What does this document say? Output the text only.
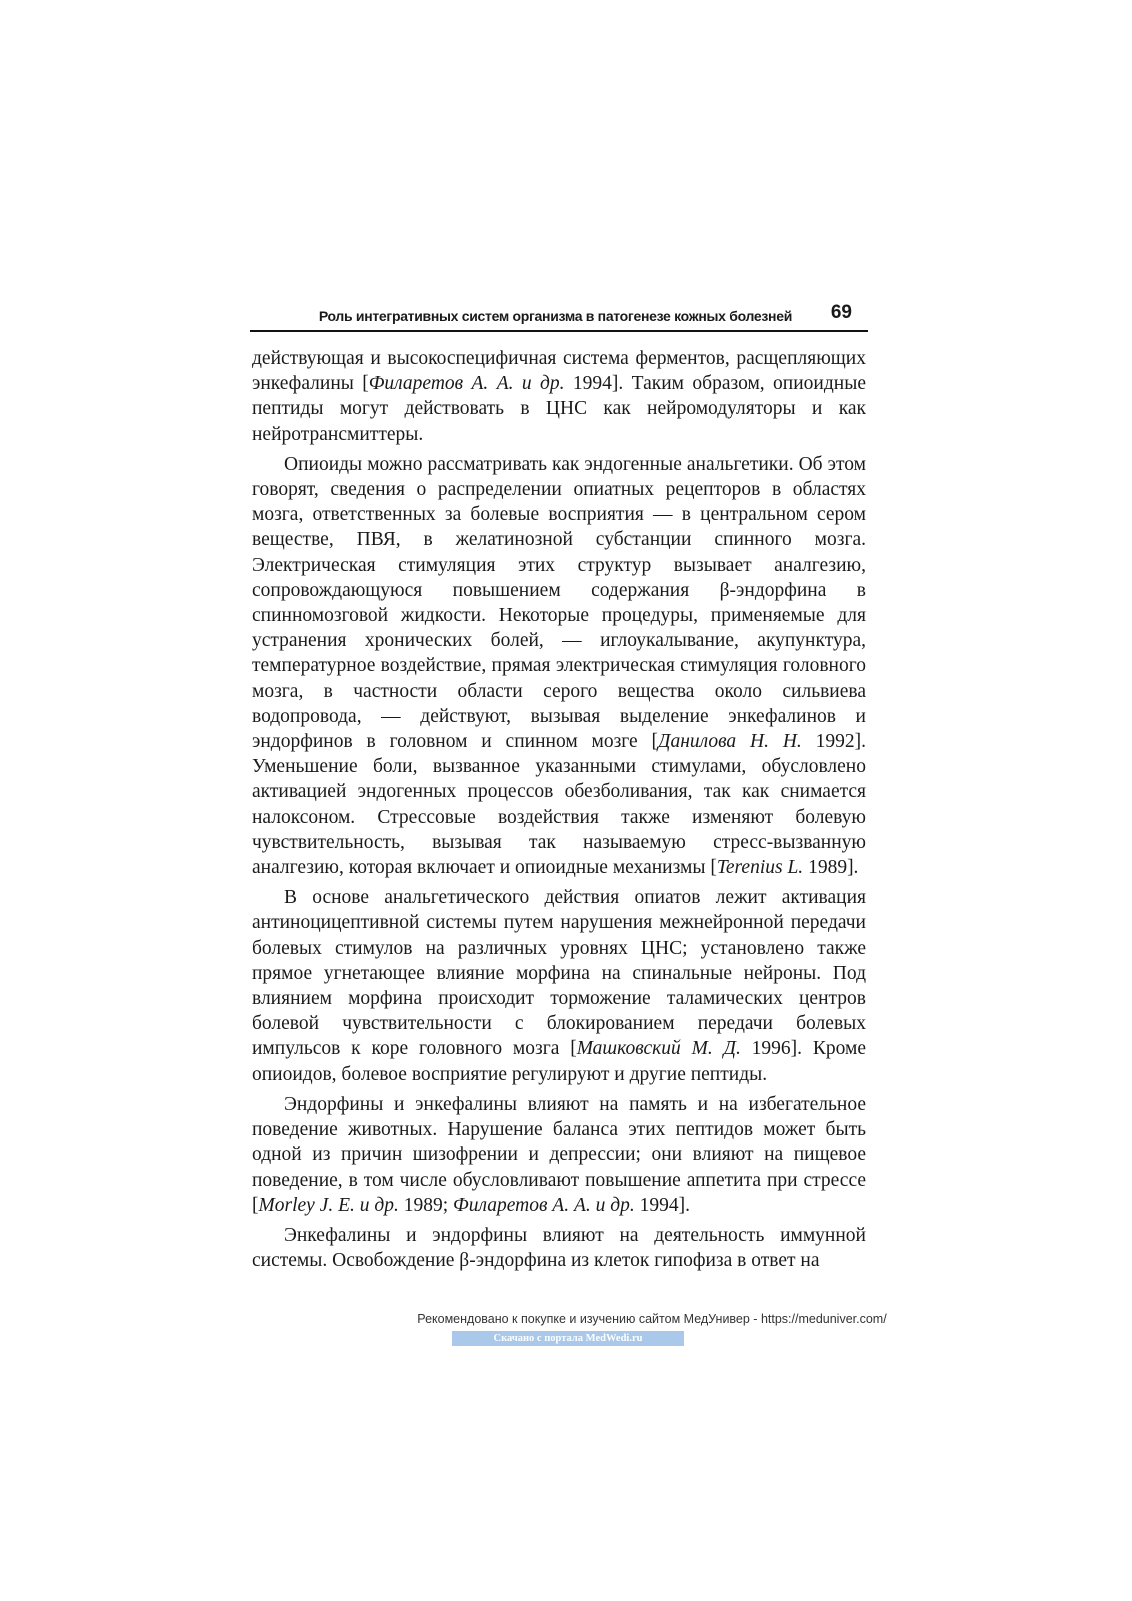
Роль интегративных систем организма в патогенезе кожных болезней 69

действующая и высокоспецифичная система ферментов, расщепляющих энкефалины [Филаретов А. А. и др. 1994]. Таким образом, опиоидные пептиды могут действовать в ЦНС как нейромодуляторы и как нейротрансмиттеры.

Опиоиды можно рассматривать как эндогенные анальгетики. Об этом говорят, сведения о распределении опиатных рецепторов в областях мозга, ответственных за болевые восприятия — в центральном сером веществе, ПВЯ, в желатинозной субстанции спинного мозга. Электрическая стимуляция этих структур вызывает аналгезию, сопровождающуюся повышением содержания β-эндорфина в спинномозговой жидкости. Некоторые процедуры, применяемые для устранения хронических болей, — иглоукалывание, акупунктура, температурное воздействие, прямая электрическая стимуляция головного мозга, в частности области серого вещества около сильвиева водопровода, — действуют, вызывая выделение энкефалинов и эндорфинов в головном и спинном мозге [Данилова Н. Н. 1992]. Уменьшение боли, вызванное указанными стимулами, обусловлено активацией эндогенных процессов обезболивания, так как снимается налоксоном. Стрессовые воздействия также изменяют болевую чувствительность, вызывая так называемую стресс-вызванную аналгезию, которая включает и опиоидные механизмы [Terenius L. 1989].

В основе анальгетического действия опиатов лежит активация антиноцицептивной системы путем нарушения межнейронной передачи болевых стимулов на различных уровнях ЦНС; установлено также прямое угнетающее влияние морфина на спинальные нейроны. Под влиянием морфина происходит торможение таламических центров болевой чувствительности с блокированием передачи болевых импульсов к коре головного мозга [Машковский М. Д. 1996]. Кроме опиоидов, болевое восприятие регулируют и другие пептиды.

Эндорфины и энкефалины влияют на память и на избегательное поведение животных. Нарушение баланса этих пептидов может быть одной из причин шизофрении и депрессии; они влияют на пищевое поведение, в том числе обусловливают повышение аппетита при стрессе [Morley J. E. и др. 1989; Филаретов А. А. и др. 1994].

Энкефалины и эндорфины влияют на деятельность иммунной системы. Освобождение β-эндорфина из клеток гипофиза в ответ на

Рекомендовано к покупке и изучению сайтом МедУнивер - https://meduniver.com/
Скачано с портала MedWedi.ru
